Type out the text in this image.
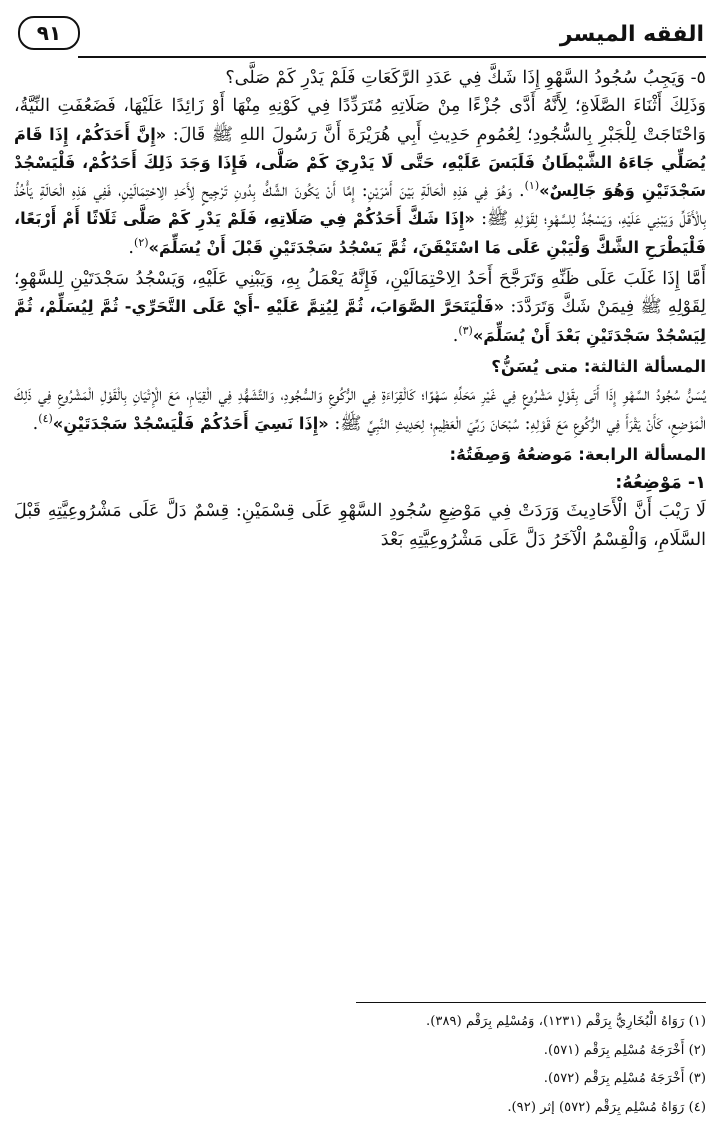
الفقه الميسر
٩١

٥- وَيَجِبُ سُجُودُ السَّهْوِ إِذَا شَكَّ فِي عَدَدِ الرَّكَعَاتِ فَلَمْ يَدْرِ كَمْ صَلَّى؟

وَذَلِكَ أَثْنَاءَ الصَّلَاةِ؛ لِأَنَّهُ أَدَّى جُزْءًا مِنْ صَلَاتِهِ مُتَرَدِّدًا فِي كَوْنِهِ مِنْهَا أَوْ زَائِدًا عَلَيْهَا، فَضَعُفَتِ النِّيَّةُ، وَاحْتَاجَتْ لِلْجَبْرِ بِالسُّجُودِ؛ لِعُمُومِ حَدِيثِ أَبِي هُرَيْرَةَ أَنَّ رَسُولَ اللهِ ﷺ قَالَ: «إِنَّ أَحَدَكُمْ، إِذَا قَامَ يُصَلِّي جَاءَهُ الشَّيْطَانُ فَلَبَسَ عَلَيْهِ، حَتَّى لَا يَدْرِيَ كَمْ صَلَّى، فَإِذَا وَجَدَ ذَلِكَ أَحَدُكُمْ، فَلْيَسْجُدْ سَجْدَتَيْنِ وَهُوَ جَالِسٌ»$^{(١)}$. وَهُوَ فِي هَذِهِ الْحَالَةِ بَيْنَ أَمْرَيْنِ: إِمَّا أَنْ يَكُونَ الشَّكُّ بِدُونِ تَرْجِيحٍ لِأَحَدِ الِاحْتِمَالَيْنِ، فَفِي هَذِهِ الْحَالَةِ يَأْخُذُ بِالْأَقَلِّ وَيَبْنِي عَلَيْهِ، وَيَسْجُدُ لِلسَّهْوِ؛ لِقَوْلِهِ ﷺ: «إِذَا شَكَّ أَحَدُكُمْ فِي صَلَاتِهِ، فَلَمْ يَدْرِ كَمْ صَلَّى ثَلَاثًا أَمْ أَرْبَعًا، فَلْيَطْرَحِ الشَّكَّ وَلْيَبْنِ عَلَى مَا اسْتَيْقَنَ، ثُمَّ يَسْجُدُ سَجْدَتَيْنِ قَبْلَ أَنْ يُسَلِّمَ»$^{(٢)}$.

أَمَّا إِذَا غَلَبَ عَلَى ظَنِّهِ وَتَرَجَّحَ أَحَدُ الِاحْتِمَالَيْنِ، فَإِنَّهُ يَعْمَلُ بِهِ، وَيَبْنِي عَلَيْهِ، وَيَسْجُدُ سَجْدَتَيْنِ لِلسَّهْوِ؛ لِقَوْلِهِ ﷺ فِيمَنْ شَكَّ وَتَرَدَّدَ: «فَلْيَتَحَرَّ الصَّوَابَ، ثُمَّ لِيُتِمَّ عَلَيْهِ -أَيْ عَلَى التَّحَرِّي- ثُمَّ لِيُسَلِّمْ، ثُمَّ لِيَسْجُدْ سَجْدَتَيْنِ بَعْدَ أَنْ يُسَلِّمَ»$^{(٣)}$.

المسألة الثالثة: متى يُسَنُّ؟

يُسَنُّ سُجُودُ السَّهْوِ إِذَا أَتَى بِقَوْلٍ مَشْرُوعٍ فِي غَيْرِ مَحَلِّهِ سَهْوًا؛ كَالْقِرَاءَةِ فِي الرُّكُوعِ وَالسُّجُودِ، وَالتَّشَهُّدِ فِي الْقِيَامِ، مَعَ الْإِتْيَانِ بِالْقَوْلِ الْمَشْرُوعِ فِي ذَلِكَ الْمَوْضِعِ، كَأَنْ يَقْرَأَ فِي الرُّكُوعِ مَعَ قَوْلِهِ: سُبْحَانَ رَبِّيَ الْعَظِيمِ؛ لِحَدِيثِ النَّبِيِّ ﷺ: «إِذَا نَسِيَ أَحَدُكُمْ فَلْيَسْجُدْ سَجْدَتَيْنِ»$^{(٤)}$.

المسألة الرابعة: مَوضعُهُ وَصِفَتُهُ:

١- مَوْضِعُهُ:

لَا رَيْبَ أَنَّ الْأَحَادِيثَ وَرَدَتْ فِي مَوْضِعِ سُجُودِ السَّهْوِ عَلَى قِسْمَيْنِ: قِسْمٌ دَلَّ عَلَى مَشْرُوعِيَّتِهِ قَبْلَ السَّلَامِ، وَالْقِسْمُ الْآخَرُ دَلَّ عَلَى مَشْرُوعِيَّتِهِ بَعْدَ

(١) رَوَاهُ الْبُخَارِيُّ بِرَقْم (١٢٣١)، وَمُسْلِم بِرَقْم (٣٨٩).
(٢) أَخْرَجَهُ مُسْلِم بِرَقْم (٥٧١).
(٣) أَخْرَجَهُ مُسْلِم بِرَقْم (٥٧٢).
(٤) رَوَاهُ مُسْلِم بِرَقْم (٥٧٢) إثر (٩٢).
